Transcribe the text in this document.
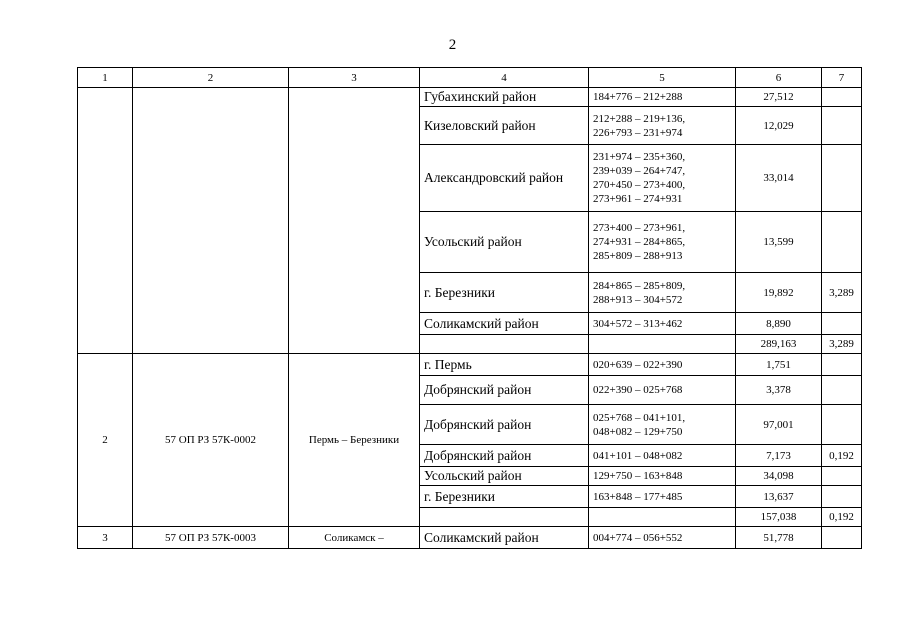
2
1	2	3	4	5	6	7
			Губахинский район	184+776 – 212+288	27,512	
			Кизеловский район	212+288 – 219+136,
226+793 – 231+974	12,029	
			Александровский район	231+974 – 235+360,
239+039 – 264+747,
270+450 – 273+400,
273+961 – 274+931	33,014	
			Усольский район	273+400 – 273+961,
274+931 – 284+865,
285+809 – 288+913	13,599	
			г. Березники	284+865 – 285+809,
288+913 – 304+572	19,892	3,289
			Соликамский район	304+572 – 313+462	8,890	

				289,163	3,289
2	57 ОП РЗ 57К-0002	Пермь – Березники	г. Пермь	020+639 – 022+390	1,751	
			Добрянский район	022+390 – 025+768	3,378	
			Добрянский район	025+768 – 041+101,
048+082 – 129+750	97,001	
			Добрянский район	041+101 – 048+082	7,173	0,192
			Усольский район	129+750 – 163+848	34,098	
			г. Березники	163+848 – 177+485	13,637	

				157,038	0,192
3	57 ОП РЗ 57К-0003	Соликамск –	Соликамский район	004+774 – 056+552	51,778	
